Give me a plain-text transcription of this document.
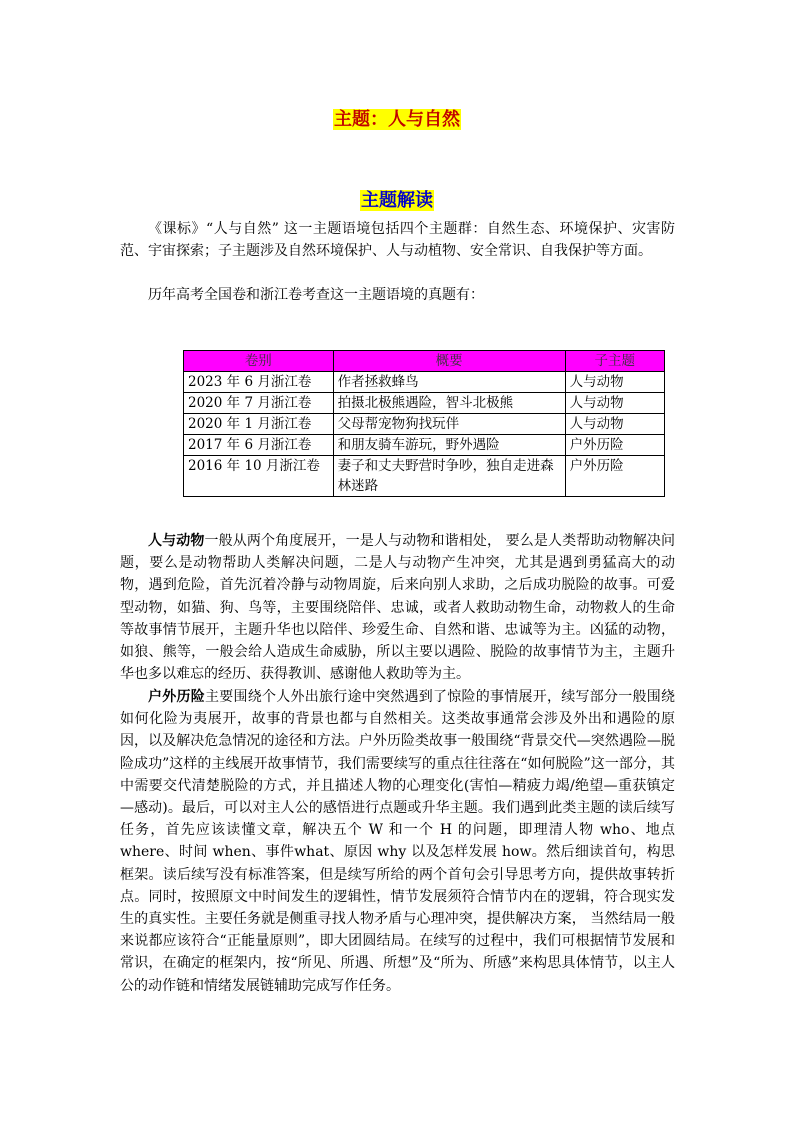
主题：人与自然
主题解读

《课标》“人与自然” 这一主题语境包括四个主题群：自然生态、环境保护、灾害防范、宇宙探索；子主题涉及自然环境保护、人与动植物、安全常识、自我保护等方面。

历年高考全国卷和浙江卷考查这一主题语境的真题有：

卷别	概要	子主题
2023 年 6 月浙江卷	作者拯救蜂鸟	人与动物
2020 年 7 月浙江卷	拍摄北极熊遇险，智斗北极熊	人与动物
2020 年 1 月浙江卷	父母帮宠物狗找玩伴	人与动物
2017 年 6 月浙江卷	和朋友骑车游玩，野外遇险	户外历险
2016 年 10 月浙江卷	妻子和丈夫野营时争吵，独自走进森林迷路	户外历险

人与动物一般从两个角度展开，一是人与动物和谐相处， 要么是人类帮助动物解决问题，要么是动物帮助人类解决问题，二是人与动物产生冲突，尤其是遇到勇猛高大的动物，遇到危险，首先沉着冷静与动物周旋，后来向别人求助，之后成功脱险的故事。可爱型动物，如猫、狗、鸟等，主要围绕陪伴、忠诚，或者人救助动物生命，动物救人的生命等故事情节展开，主题升华也以陪伴、珍爱生命、自然和谐、忠诚等为主。凶猛的动物，如狼、熊等，一般会给人造成生命威胁，所以主要以遇险、脱险的故事情节为主，主题升华也多以难忘的经历、获得教训、感谢他人救助等为主。

户外历险主要围绕个人外出旅行途中突然遇到了惊险的事情展开，续写部分一般围绕如何化险为夷展开，故事的背景也都与自然相关。这类故事通常会涉及外出和遇险的原因，以及解决危急情况的途径和方法。户外历险类故事一般围绕“背景交代—突然遇险—脱险成功”这样的主线展开故事情节，我们需要续写的重点往往落在“如何脱险”这一部分，其中需要交代清楚脱险的方式，并且描述人物的心理变化(害怕—精疲力竭/绝望—重获镇定—感动)。最后，可以对主人公的感悟进行点题或升华主题。我们遇到此类主题的读后续写任务，首先应该读懂文章，解决五个 W 和一个 H 的问题，即理清人物 who、地点 where、时间 when、事件what、原因 why 以及怎样发展 how。然后细读首句，构思框架。读后续写没有标准答案，但是续写所给的两个首句会引导思考方向，提供故事转折点。同时，按照原文中时间发生的逻辑性，情节发展须符合情节内在的逻辑，符合现实发生的真实性。主要任务就是侧重寻找人物矛盾与心理冲突，提供解决方案， 当然结局一般来说都应该符合“正能量原则”，即大团圆结局。在续写的过程中，我们可根据情节发展和常识，在确定的框架内，按“所见、所遇、所想”及“所为、所感”来构思具体情节，以主人公的动作链和情绪发展链辅助完成写作任务。
